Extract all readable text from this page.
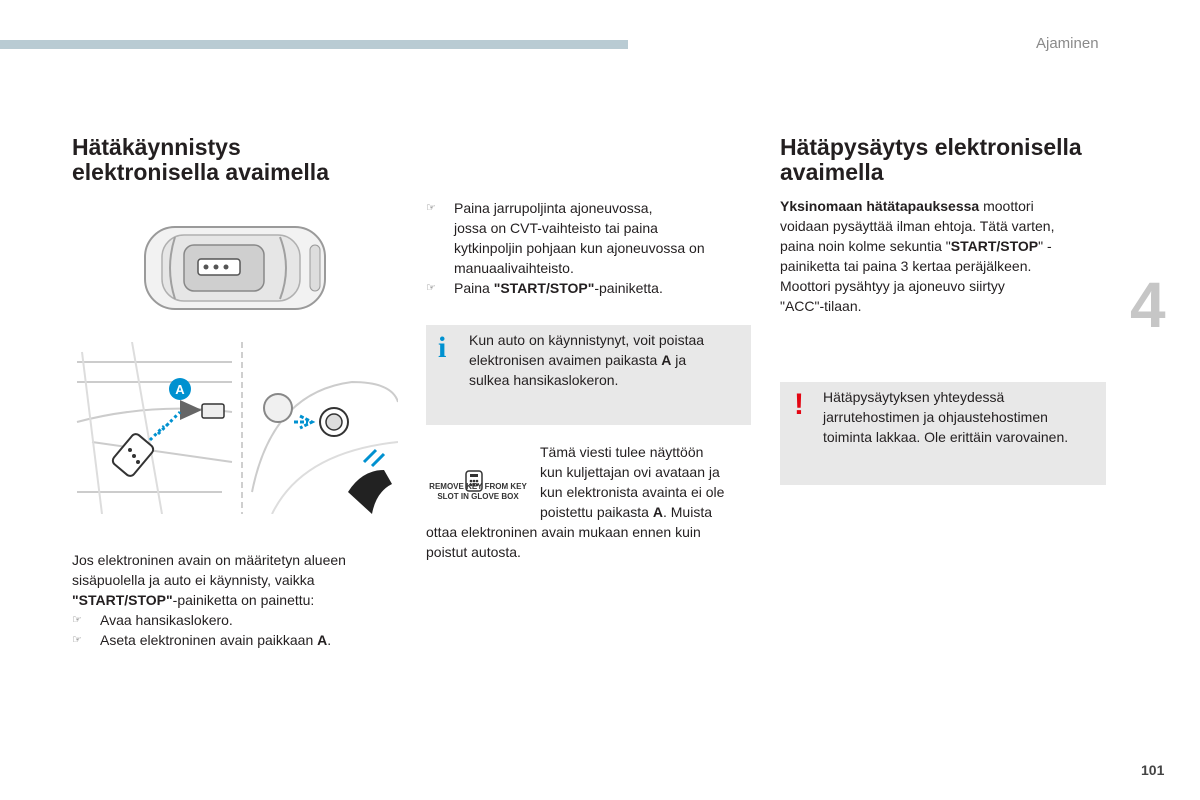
Ajaminen
4
Hätäkäynnistys
elektronisella avaimella
A

Jos elektroninen avain on määritetyn alueen

sisäpuolella ja auto ei käynnisty, vaikka

"START/STOP"-painiketta on painettu:

☞ Avaa hansikaslokero.
☞ Aseta elektroninen avain paikkaan A.
☞ Paina jarrupoljinta ajoneuvossa,
jossa on CVT-vaihteisto tai paina
kytkinpoljin pohjaan kun ajoneuvossa on
manuaalivaihteisto.
☞ Paina "START/STOP"-painiketta.
i Kun auto on käynnistynyt, voit poistaa
elektronisen avaimen paikasta A ja
sulkea hansikaslokeron.
REMOVE KEY FROM KEY
SLOT IN GLOVE BOX
Tämä viesti tulee näyttöön
kun kuljettajan ovi avataan ja
kun elektronista avainta ei ole
poistettu paikasta A. Muista
ottaa elektroninen avain mukaan ennen kuin
poistut autosta.
Hätäpysäytys elektronisella
avaimella
Yksinomaan hätätapauksessa moottori
voidaan pysäyttää ilman ehtoja. Tätä varten,
paina noin kolme sekuntia "START/STOP" -
painiketta tai paina 3 kertaa peräjälkeen.
Moottori pysähtyy ja ajoneuvo siirtyy
"ACC"-tilaan.
! Hätäpysäytyksen yhteydessä
jarrutehostimen ja ohjaustehostimen
toiminta lakkaa. Ole erittäin varovainen.
101
